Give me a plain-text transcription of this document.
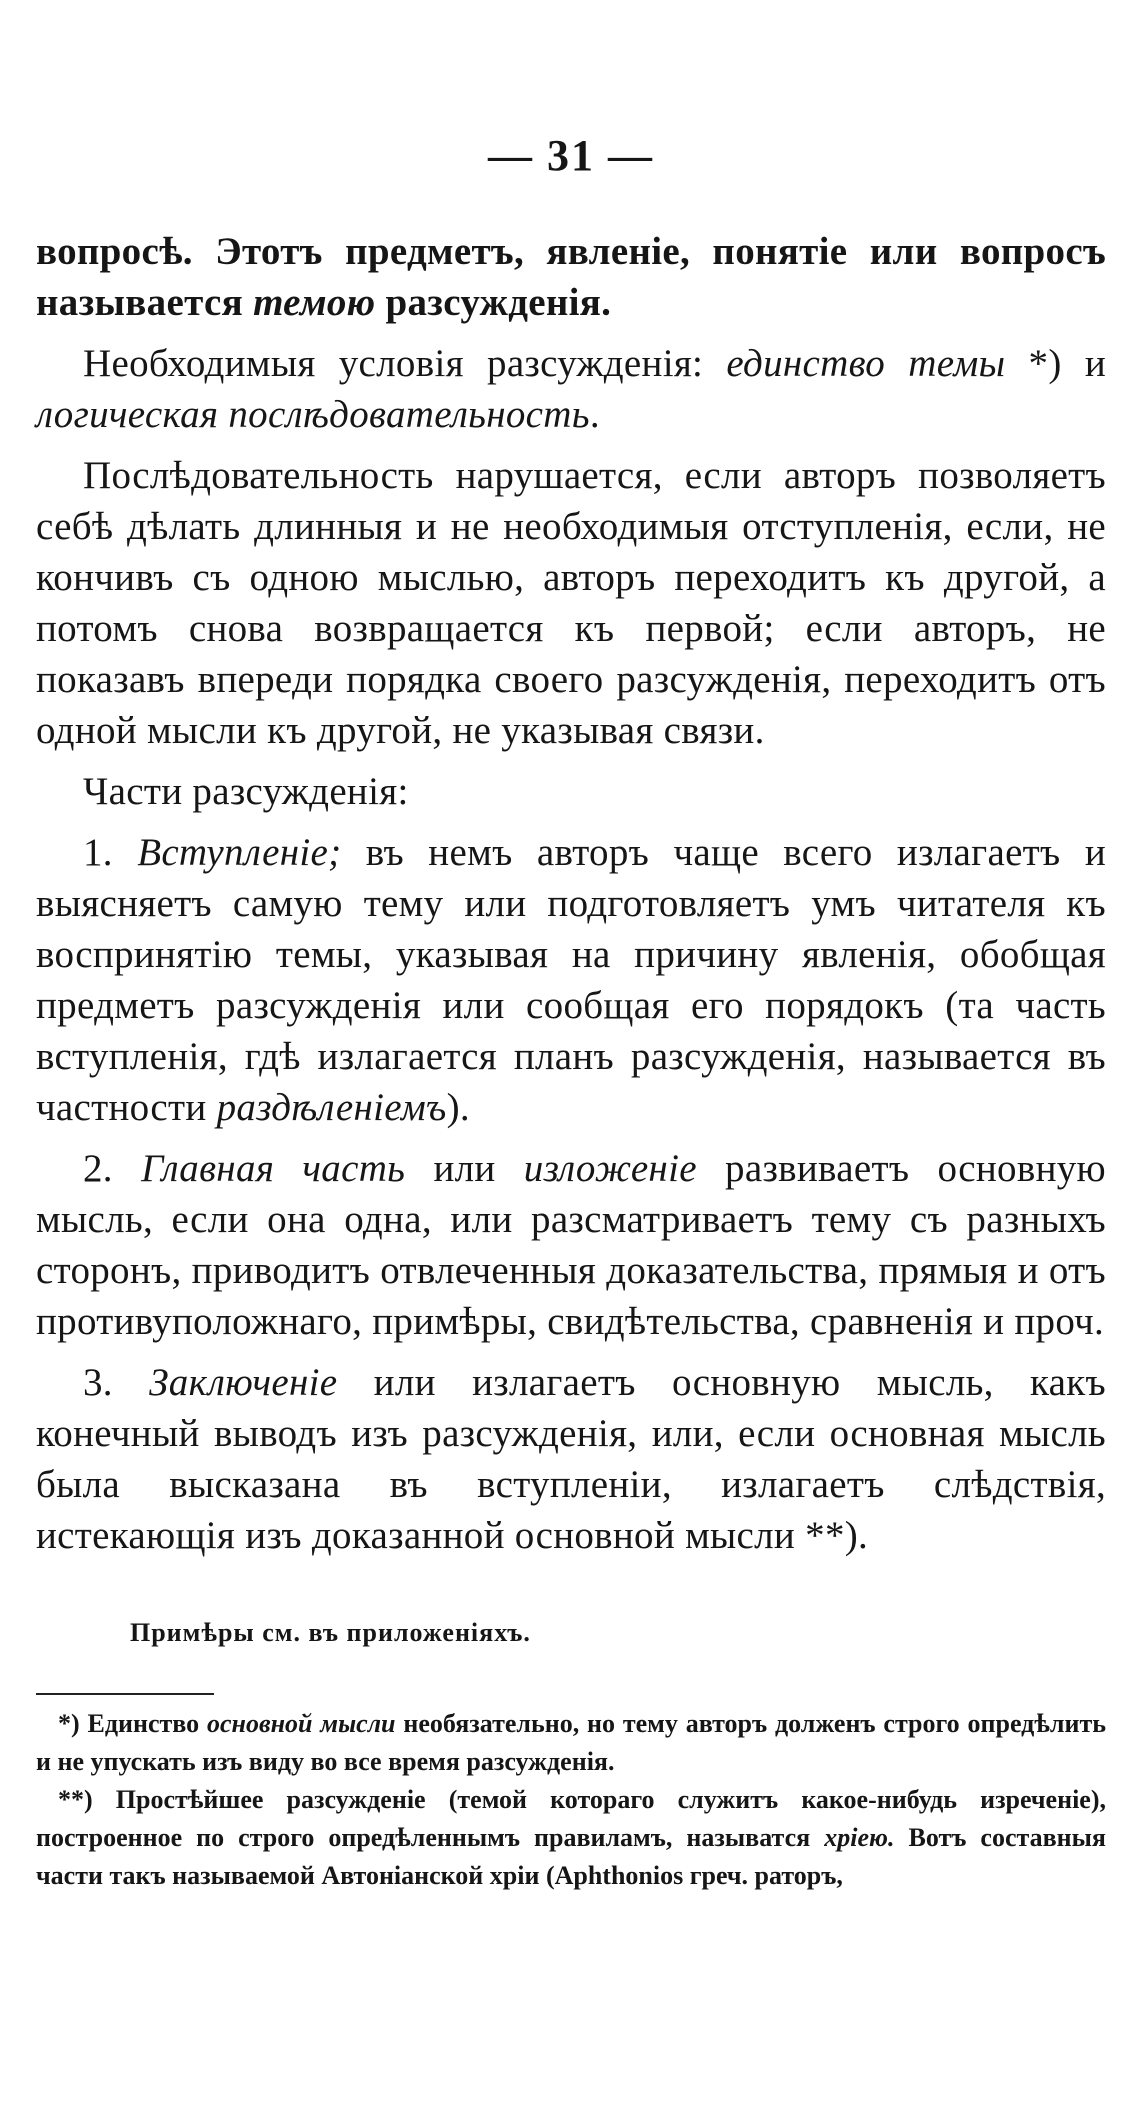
— 31 —

вопросѣ. Этотъ предметъ, явленіе, понятіе или вопросъ называется темою разсужденія.

Необходимыя условія разсужденія: единство темы *) и логическая послѣдовательность.

Послѣдовательность нарушается, если авторъ позволяетъ себѣ дѣлать длинныя и не необходимыя отступленія, если, не кончивъ съ одною мыслью, авторъ переходитъ къ другой, а потомъ снова возвращается къ первой; если авторъ, не показавъ впереди порядка своего разсужденія, переходитъ отъ одной мысли къ другой, не указывая связи.

Части разсужденія:

1. Вступленіе; въ немъ авторъ чаще всего излагаетъ и выясняетъ самую тему или подготовляетъ умъ читателя къ воспринятію темы, указывая на причину явленія, обобщая предметъ разсужденія или сообщая его порядокъ (та часть вступленія, гдѣ излагается планъ разсужденія, называется въ частности раздѣленіемъ).

2. Главная часть или изложеніе развиваетъ основную мысль, если она одна, или разсматриваетъ тему съ разныхъ сторонъ, приводитъ отвлеченныя доказательства, прямыя и отъ противуположнаго, примѣры, свидѣтельства, сравненія и проч.

3. Заключеніе или излагаетъ основную мысль, какъ конечный выводъ изъ разсужденія, или, если основная мысль была высказана въ вступленіи, излагаетъ слѣдствія, истекающія изъ доказанной основной мысли **).

Примѣры см. въ приложеніяхъ.

*) Единство основной мысли необязательно, но тему авторъ долженъ строго опредѣлить и не упускать изъ виду во все время разсужденія.

**) Простѣйшее разсужденіе (темой котораго служитъ какое-нибудь изреченіе), построенное по строго опредѣленнымъ правиламъ, называтся хріею. Вотъ составныя части такъ называемой Автоніанской хріи (Aphthonios греч. раторъ,
